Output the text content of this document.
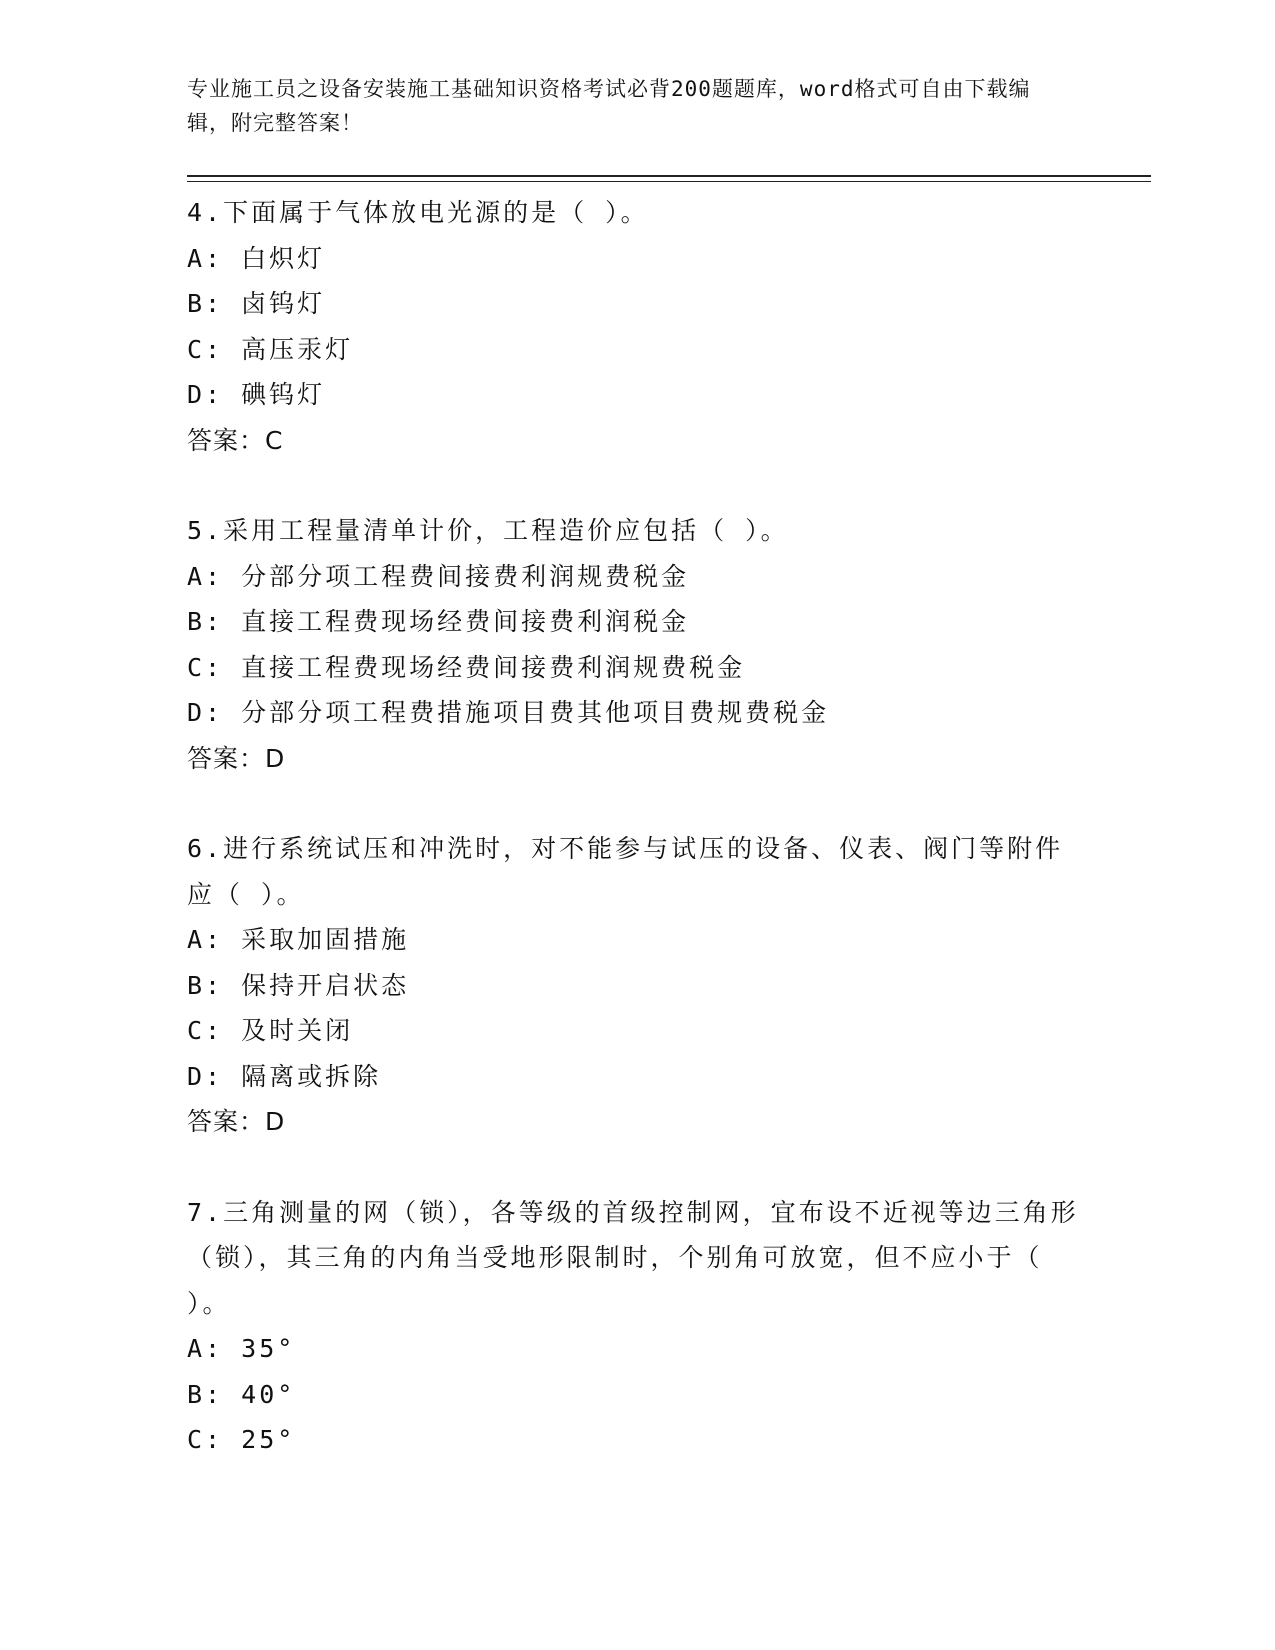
专业施工员之设备安装施工基础知识资格考试必背200题题库，word格式可自由下载编辑，附完整答案！

4.下面属于气体放电光源的是（ ）。

A: 白炽灯

B: 卤钨灯

C: 高压汞灯

D: 碘钨灯

答案：C

5.采用工程量清单计价，工程造价应包括（ ）。

A: 分部分项工程费间接费利润规费税金

B: 直接工程费现场经费间接费利润税金

C: 直接工程费现场经费间接费利润规费税金

D: 分部分项工程费措施项目费其他项目费规费税金

答案：D

6.进行系统试压和冲洗时，对不能参与试压的设备、仪表、阀门等附件应（ ）。

A: 采取加固措施

B: 保持开启状态

C: 及时关闭

D: 隔离或拆除

答案：D

7.三角测量的网（锁），各等级的首级控制网，宜布设不近视等边三角形（锁），其三角的内角当受地形限制时，个别角可放宽，但不应小于（ ）。

A: 35°

B: 40°

C: 25°
